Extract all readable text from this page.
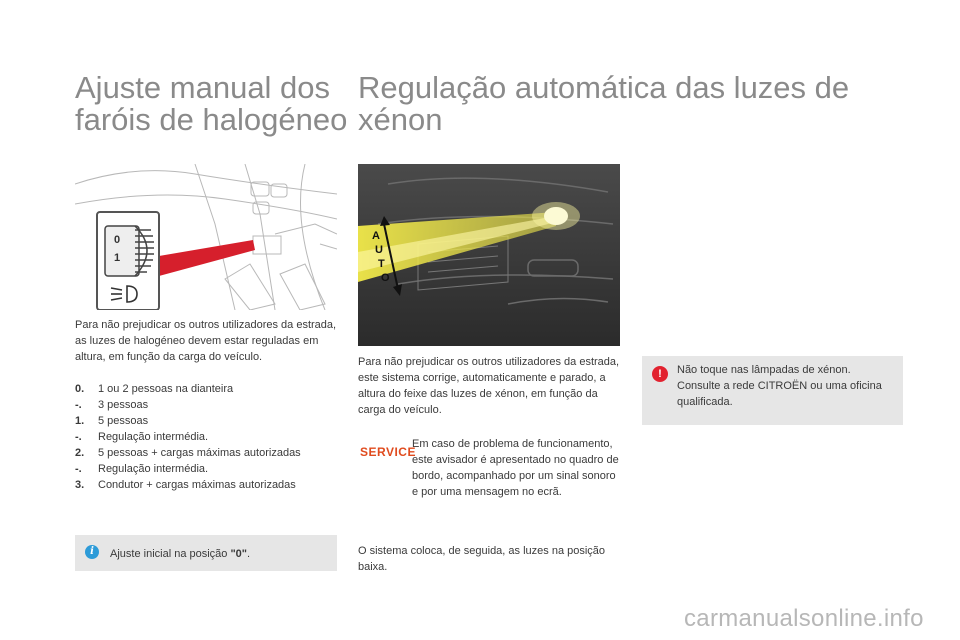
Ajuste manual dos
faróis de halogéneo
Regulação automática das luzes de xénon
0
1
Para não prejudicar os outros utilizadores da estrada, as luzes de halogéneo devem estar reguladas em altura, em função da carga do veículo.
0.	1 ou 2 pessoas na dianteira
-.	3 pessoas
1.	5 pessoas
-.	Regulação intermédia.
2.	5 pessoas + cargas máximas autorizadas
-.	Regulação intermédia.
3.	Condutor + cargas máximas autorizadas
i	Ajuste inicial na posição "0".
A
U
T
O
Para não prejudicar os outros utilizadores da estrada, este sistema corrige, automaticamente e parado, a altura do feixe das luzes de xénon, em função da carga do veículo.
SERVICE
Em caso de problema de funcionamento, este avisador é apresentado no quadro de bordo, acompanhado por um sinal sonoro e por uma mensagem no ecrã.
O sistema coloca, de seguida, as luzes na posição baixa.
!	Não toque nas lâmpadas de xénon. Consulte a rede CITROËN ou uma oficina qualificada.
carmanualsonline.info
